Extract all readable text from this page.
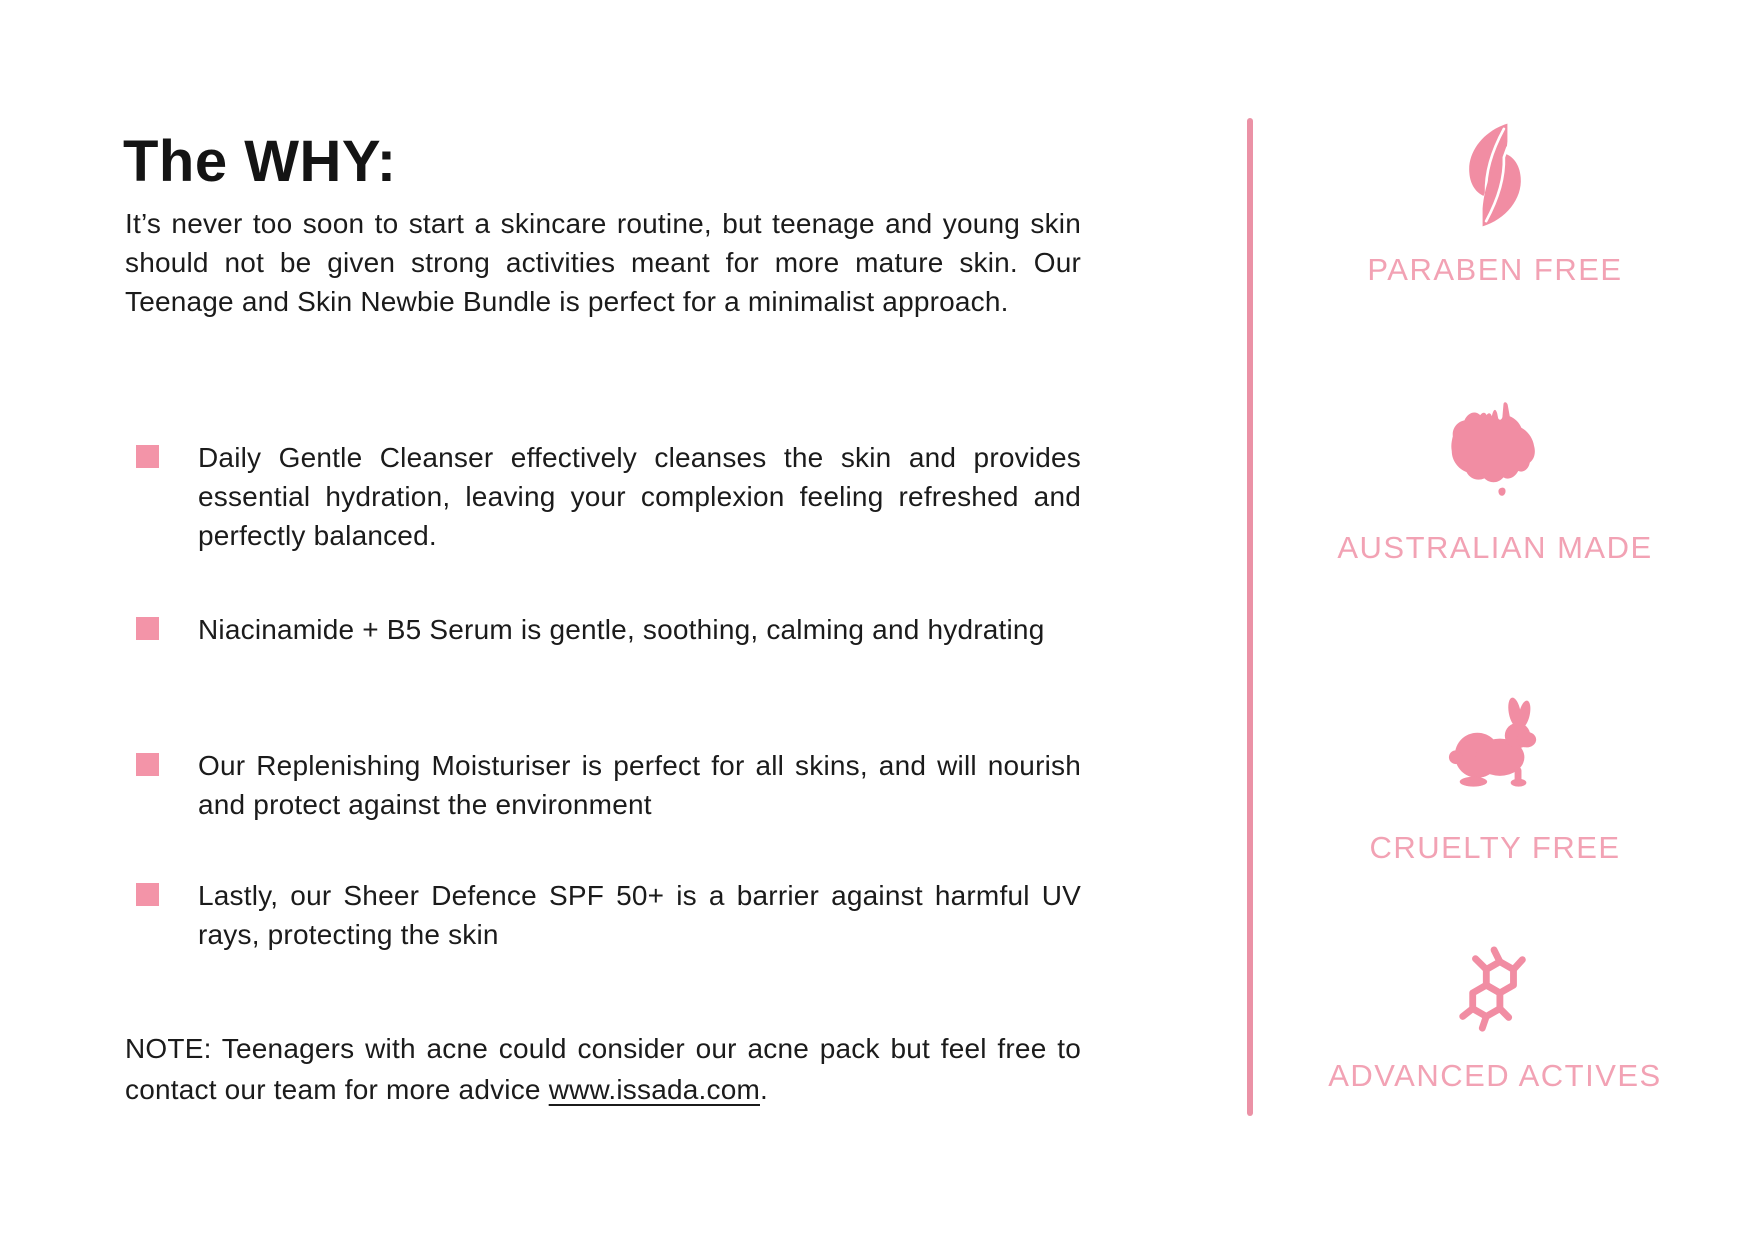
The WHY:

It’s never too soon to start a skincare routine, but teenage and young skin should not be given strong activities meant for more mature skin. Our Teenage and Skin Newbie Bundle is perfect for a minimalist approach.

Daily Gentle Cleanser effectively cleanses the skin and provides essential hydration, leaving your complexion feeling refreshed and perfectly balanced.
Niacinamide + B5 Serum is gentle, soothing, calming and hydrating
Our Replenishing Moisturiser is perfect for all skins, and will nourish and protect against the environment
Lastly, our Sheer Defence SPF 50+ is a barrier against harmful UV rays, protecting the skin

NOTE: Teenagers with acne could consider our acne pack but feel free to contact our team for more advice www.issada.com.

PARABEN FREE
AUSTRALIAN MADE
CRUELTY FREE
ADVANCED ACTIVES
